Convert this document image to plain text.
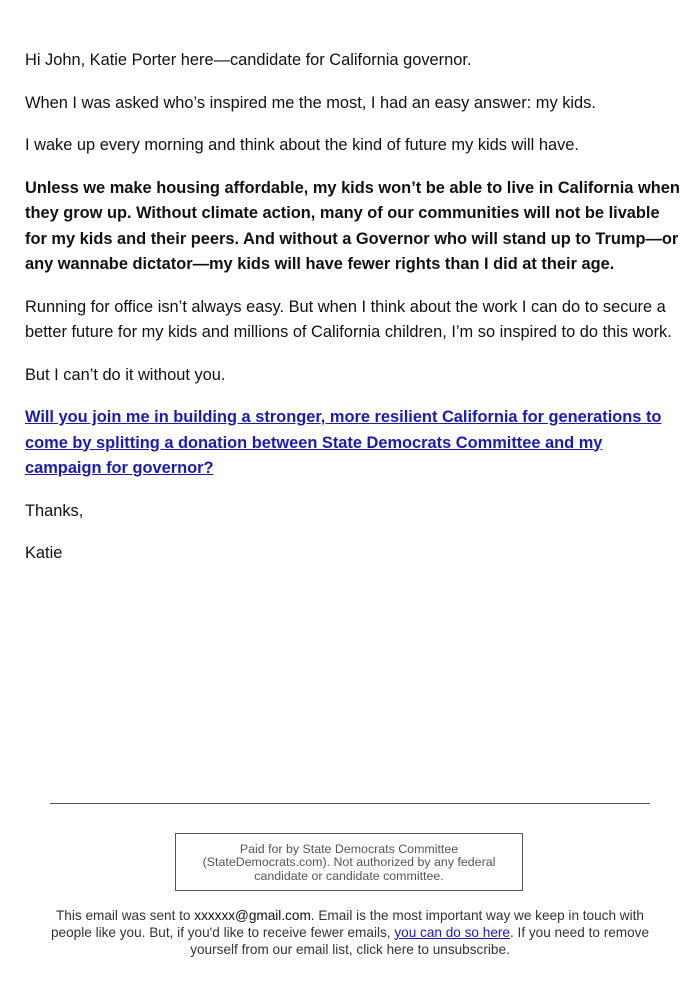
Hi John, Katie Porter here—candidate for California governor.

When I was asked who’s inspired me the most, I had an easy answer: my kids.

I wake up every morning and think about the kind of future my kids will have.

Unless we make housing affordable, my kids won’t be able to live in California when they grow up. Without climate action, many of our communities will not be livable for my kids and their peers. And without a Governor who will stand up to Trump—or any wannabe dictator—my kids will have fewer rights than I did at their age.

Running for office isn’t always easy. But when I think about the work I can do to secure a better future for my kids and millions of California children, I’m so inspired to do this work.

But I can’t do it without you.

Will you join me in building a stronger, more resilient California for generations to come by splitting a donation between State Democrats Committee and my campaign for governor?

Thanks,

Katie

Paid for by State Democrats Committee (StateDemocrats.com). Not authorized by any federal candidate or candidate committee.
This email was sent to xxxxxx@gmail.com. Email is the most important way we keep in touch with people like you. But, if you'd like to receive fewer emails, you can do so here. If you need to remove yourself from our email list, click here to unsubscribe.
